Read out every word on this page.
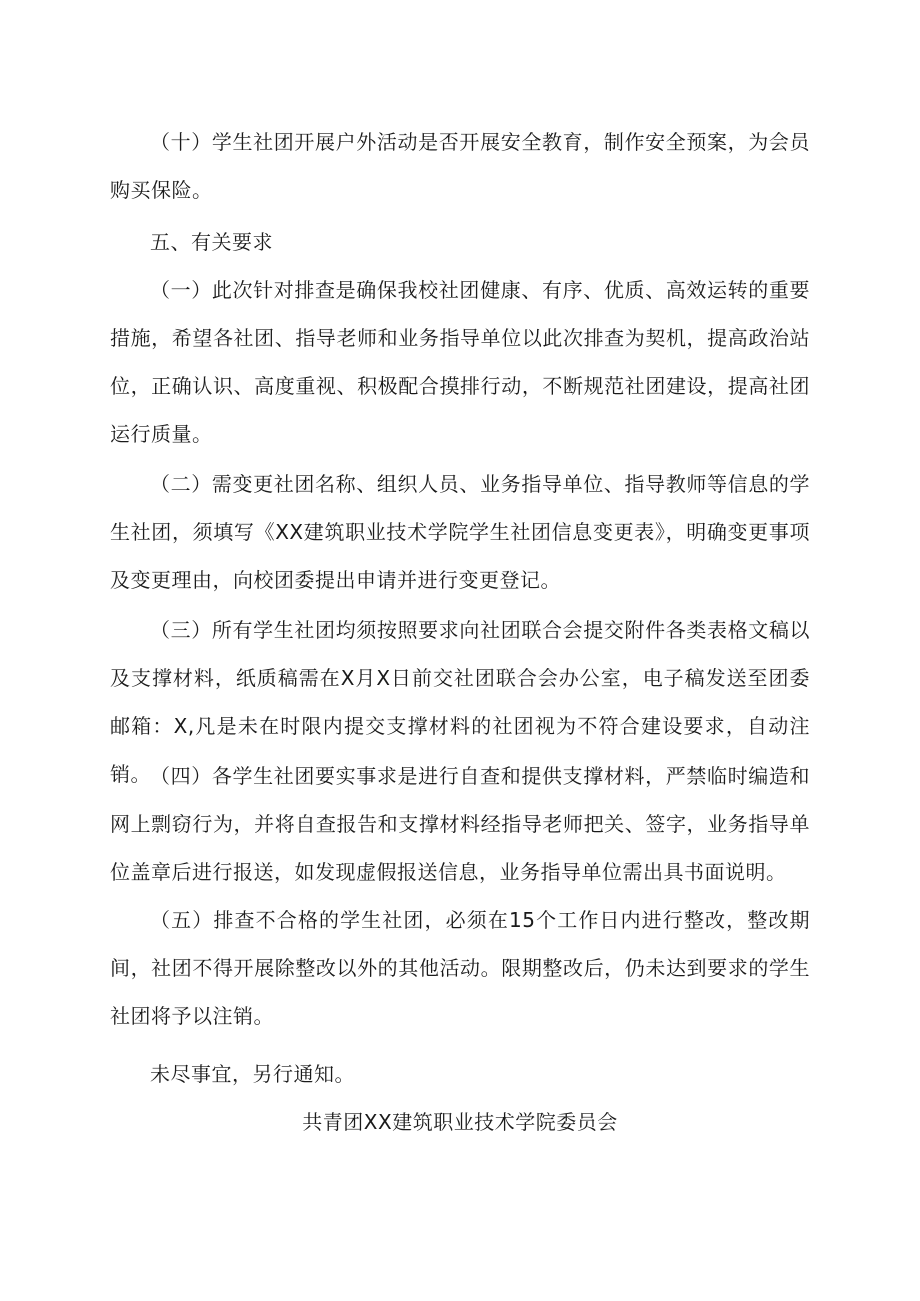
（十）学生社团开展户外活动是否开展安全教育，制作安全预案，为会员购买保险。

五、有关要求

（一）此次针对排查是确保我校社团健康、有序、优质、高效运转的重要措施，希望各社团、指导老师和业务指导单位以此次排查为契机，提高政治站位，正确认识、高度重视、积极配合摸排行动，不断规范社团建设，提高社团运行质量。

（二）需变更社团名称、组织人员、业务指导单位、指导教师等信息的学生社团，须填写《XX建筑职业技术学院学生社团信息变更表》，明确变更事项及变更理由，向校团委提出申请并进行变更登记。

（三）所有学生社团均须按照要求向社团联合会提交附件各类表格文稿以及支撑材料，纸质稿需在X月X日前交社团联合会办公室，电子稿发送至团委邮箱：X,凡是未在时限内提交支撑材料的社团视为不符合建设要求，自动注销。 （四）各学生社团要实事求是进行自查和提供支撑材料，严禁临时编造和网上剽窃行为，并将自查报告和支撑材料经指导老师把关、签字，业务指导单位盖章后进行报送，如发现虚假报送信息，业务指导单位需出具书面说明。

（五）排查不合格的学生社团，必须在15个工作日内进行整改，整改期间，社团不得开展除整改以外的其他活动。限期整改后，仍未达到要求的学生社团将予以注销。

未尽事宜，另行通知。

共青团XX建筑职业技术学院委员会
